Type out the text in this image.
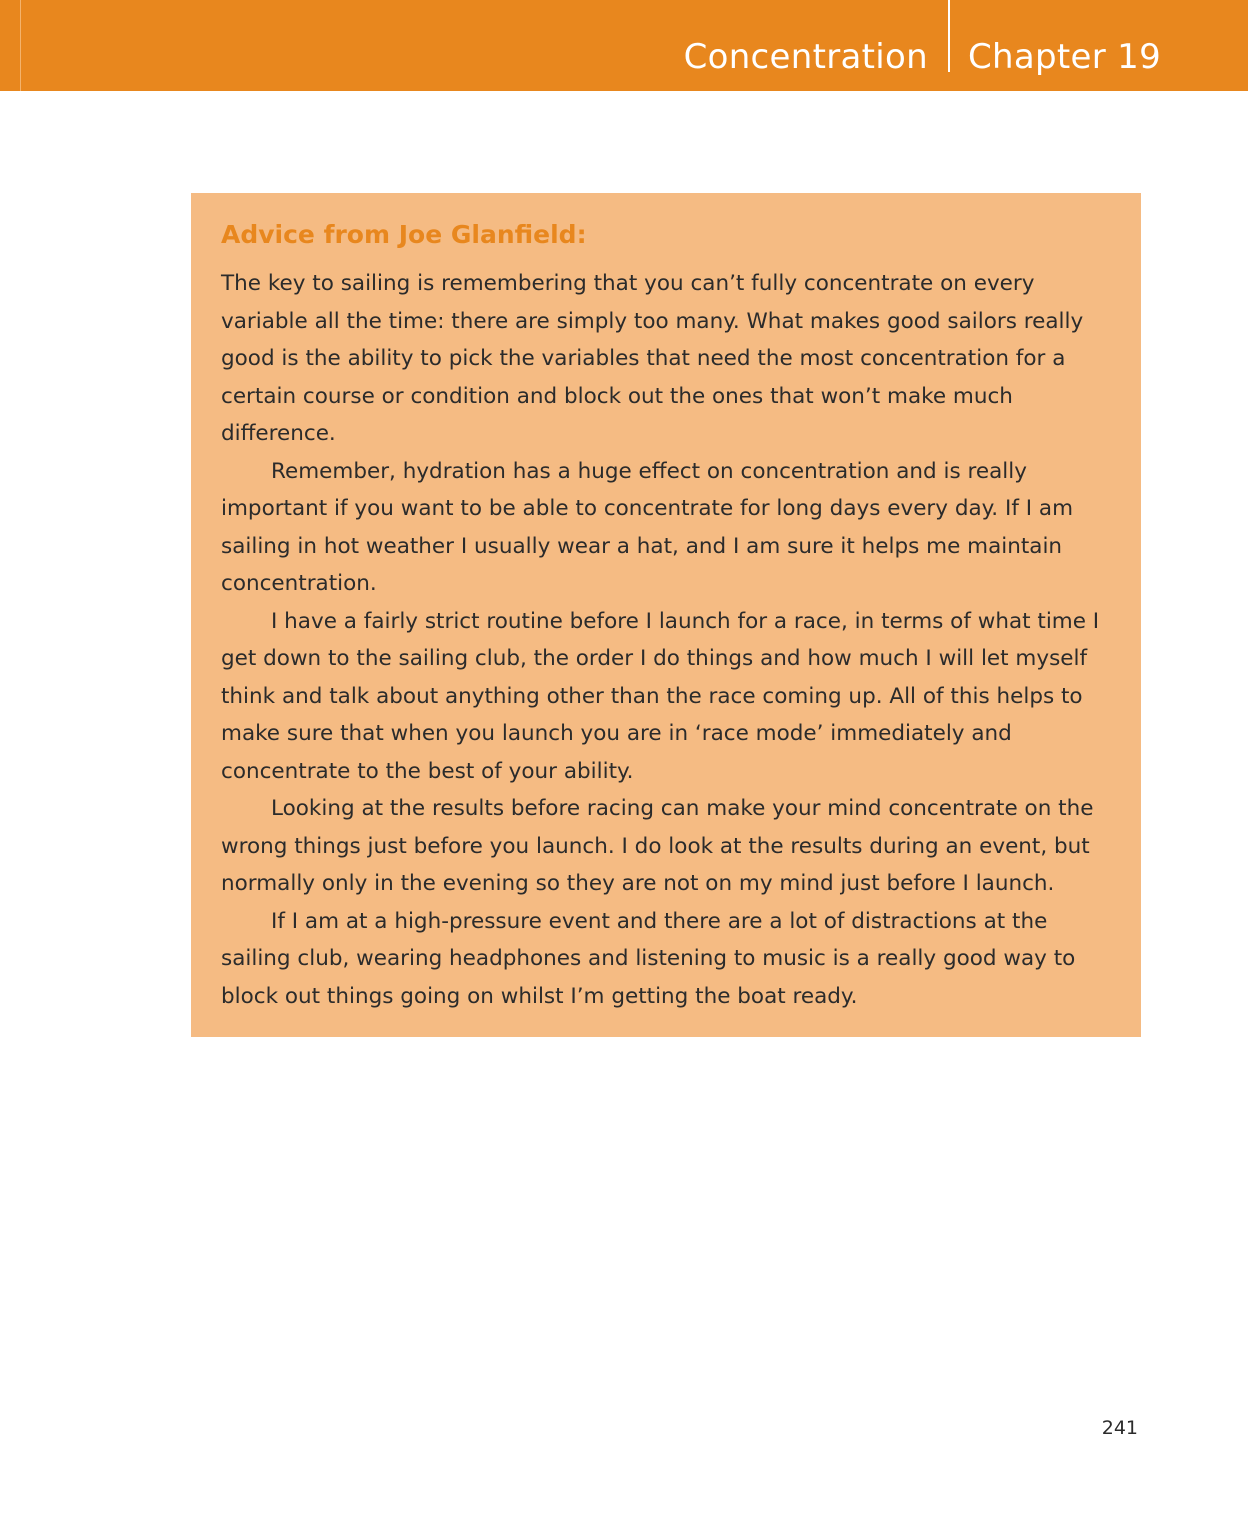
Concentration Chapter 19
Advice from Joe Glanfield:

The key to sailing is remembering that you can’t fully concentrate on every variable all the time: there are simply too many. What makes good sailors really good is the ability to pick the variables that need the most concentration for a certain course or condition and block out the ones that won’t make much difference.

Remember, hydration has a huge effect on concentration and is really important if you want to be able to concentrate for long days every day. If I am sailing in hot weather I usually wear a hat, and I am sure it helps me maintain concentration.

I have a fairly strict routine before I launch for a race, in terms of what time I get down to the sailing club, the order I do things and how much I will let myself think and talk about anything other than the race coming up. All of this helps to make sure that when you launch you are in ‘race mode’ immediately and concentrate to the best of your ability.

Looking at the results before racing can make your mind concentrate on the wrong things just before you launch. I do look at the results during an event, but normally only in the evening so they are not on my mind just before I launch.

If I am at a high-pressure event and there are a lot of distractions at the sailing club, wearing headphones and listening to music is a really good way to block out things going on whilst I’m getting the boat ready.

241
